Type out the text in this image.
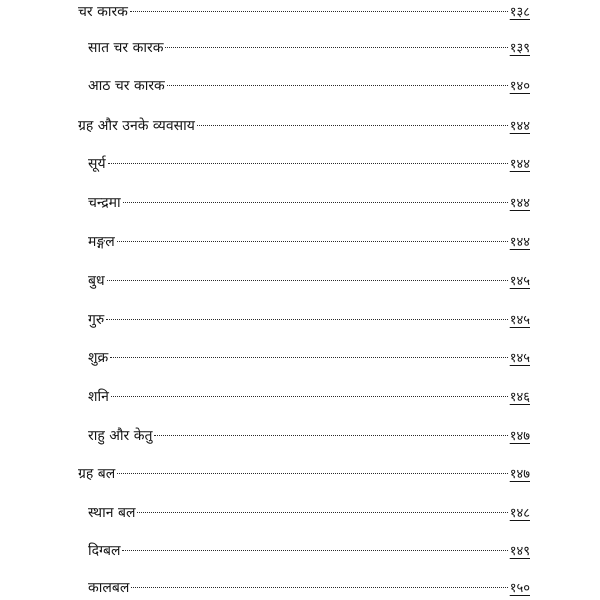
चर कारक	१३८
सात चर कारक	१३९
आठ चर कारक	१४०
ग्रह और उनके व्यवसाय	१४४
सूर्य	१४४
चन्द्रमा	१४४
मङ्गल	१४४
बुध	१४५
गुरु	१४५
शुक्र	१४५
शनि	१४६
राहु और केतु	१४७
ग्रह बल	१४७
स्थान बल	१४८
दिग्बल	१४९
कालबल	१५०
